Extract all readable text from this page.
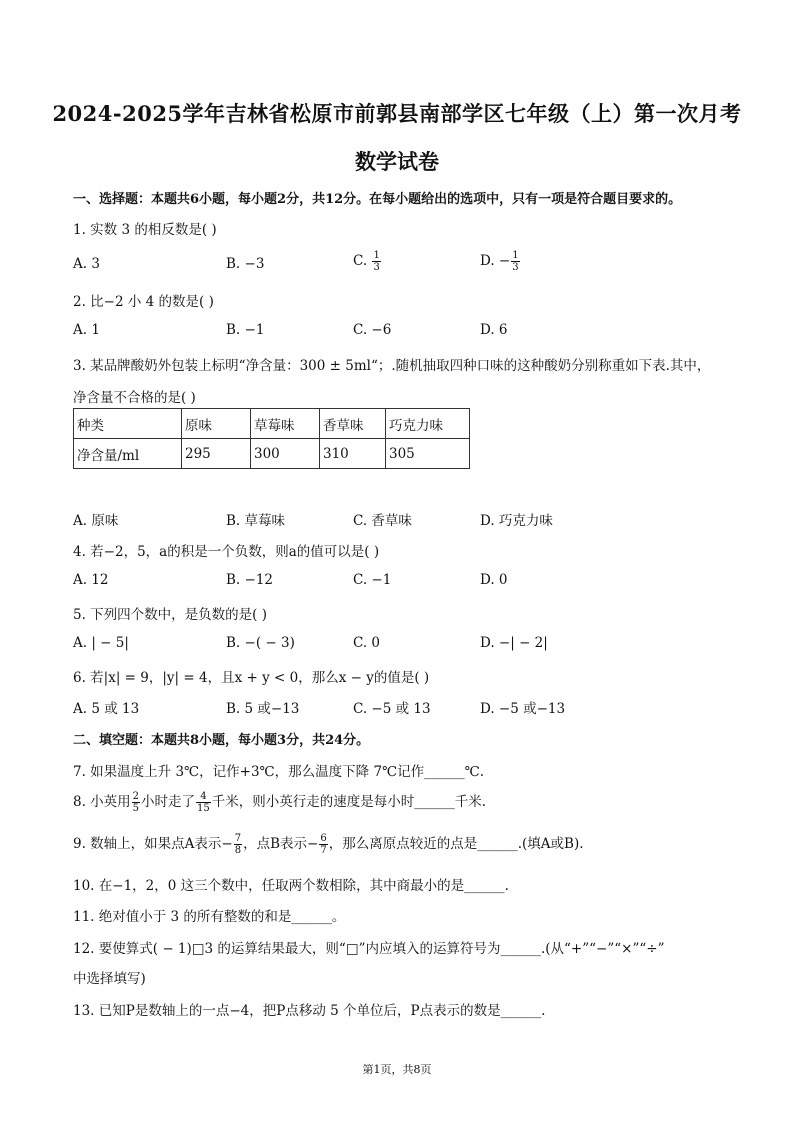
2024-2025学年吉林省松原市前郭县南部学区七年级（上）第一次月考
数学试卷
一、选择题：本题共6小题，每小题2分，共12分。在每小题给出的选项中，只有一项是符合题目要求的。
1. 实数 3 的相反数是( )
A. 3	B. −3	C. $\frac{1}{3}$	D. − $\frac{1}{3}$
2. 比−2 小 4 的数是( )
A. 1	B. −1	C. −6	D. 6
3. 某品牌酸奶外包装上标明“净含量：300 ± 5ml“；.随机抽取四种口味的这种酸奶分别称重如下表.其中，
净含量不合格的是( )
种类	原味	草莓味	香草味	巧克力味
净含量/ml	295	300	310	305
A. 原味	B. 草莓味	C. 香草味	D. 巧克力味
4. 若−2，5，a的积是一个负数，则a的值可以是( )
A. 12	B. −12	C. −1	D. 0
5. 下列四个数中，是负数的是( )
A. | − 5|	B. −( − 3)	C. 0	D. −| − 2|
6. 若|x| = 9，|y| = 4，且x + y < 0，那么x − y的值是( )
A. 5 或 13	B. 5 或−13	C. −5 或 13	D. −5 或−13
二、填空题：本题共8小题，每小题3分，共24分。
7. 如果温度上升 3℃，记作+3℃，那么温度下降 7℃记作______℃.
8. 小英用 $\frac{2}{5}$ 小时走了 $\frac{4}{15}$ 千米，则小英行走的速度是每小时______千米.
9. 数轴上，如果点A表示− $\frac{7}{8}$ ，点B表示− $\frac{6}{7}$ ，那么离原点较近的点是______.(填A或B).
10. 在−1，2，0 这三个数中，任取两个数相除，其中商最小的是______.
11. 绝对值小于 3 的所有整数的和是______。
12. 要使算式( − 1)□3 的运算结果最大，则“□”内应填入的运算符号为______.(从“+”“−”“×”“÷”
中选择填写)
13. 已知P是数轴上的一点−4，把P点移动 5 个单位后，P点表示的数是______.
第1页，共8页
